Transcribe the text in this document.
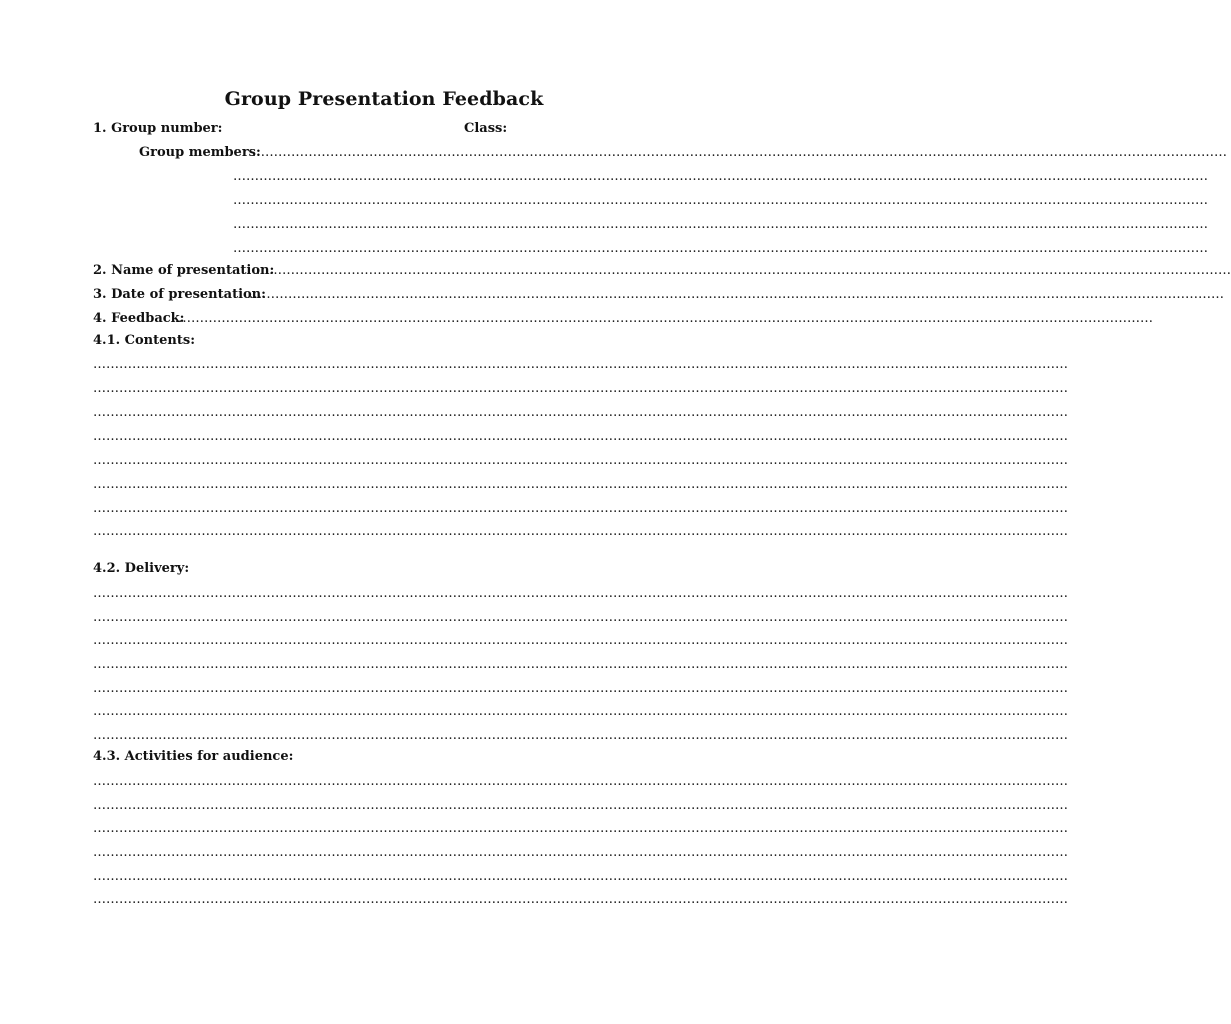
Group Presentation Feedback
1. Group number:	Class:
Group members:
………………………………………………………………………………………………………………………………………………………………………………………………………
………………………………………………………………………………………………………………………………………………………………………………………………………
………………………………………………………………………………………………………………………………………………………………………………………………………
………………………………………………………………………………………………………………………………………………………………………………………………………
………………………………………………………………………………………………………………………………………………………………………………………………………
2. Name of presentation:
………………………………………………………………………………………………………………………………………………………………………………………………………
3. Date of presentation:
………………………………………………………………………………………………………………………………………………………………………………………………………
4. Feedback:
………………………………………………………………………………………………………………………………………………………………………………………………………
4.1. Contents:
………………………………………………………………………………………………………………………………………………………………………………………………………
………………………………………………………………………………………………………………………………………………………………………………………………………
………………………………………………………………………………………………………………………………………………………………………………………………………
………………………………………………………………………………………………………………………………………………………………………………………………………
………………………………………………………………………………………………………………………………………………………………………………………………………
………………………………………………………………………………………………………………………………………………………………………………………………………
………………………………………………………………………………………………………………………………………………………………………………………………………
………………………………………………………………………………………………………………………………………………………………………………………………………
4.2. Delivery:
………………………………………………………………………………………………………………………………………………………………………………………………………
………………………………………………………………………………………………………………………………………………………………………………………………………
………………………………………………………………………………………………………………………………………………………………………………………………………
………………………………………………………………………………………………………………………………………………………………………………………………………
………………………………………………………………………………………………………………………………………………………………………………………………………
………………………………………………………………………………………………………………………………………………………………………………………………………
………………………………………………………………………………………………………………………………………………………………………………………………………
4.3. Activities for audience:
………………………………………………………………………………………………………………………………………………………………………………………………………
………………………………………………………………………………………………………………………………………………………………………………………………………
………………………………………………………………………………………………………………………………………………………………………………………………………
………………………………………………………………………………………………………………………………………………………………………………………………………
………………………………………………………………………………………………………………………………………………………………………………………………………
………………………………………………………………………………………………………………………………………………………………………………………………………
